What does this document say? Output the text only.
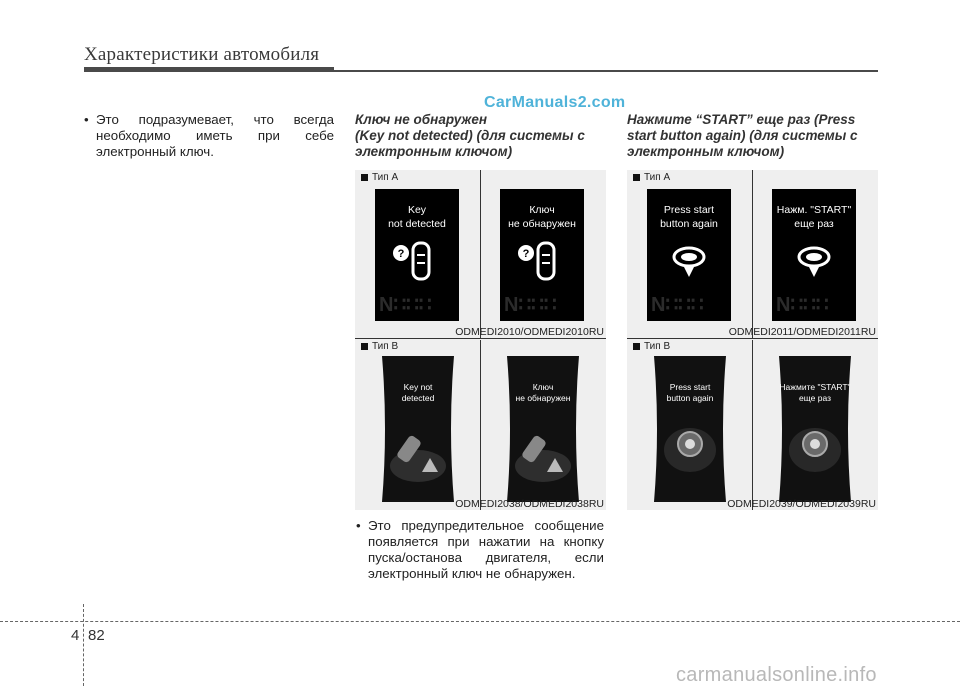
Характеристики автомобиля
CarManuals2.com
• Это подразумевает, что всегда необходимо иметь при себе электронный ключ.
Ключ не обнаружен
(Key not detected) (для системы с электронным ключом)
Тип A
Key
not detected
?
N∷∷∷
Ключ
не обнаружен
?
N∷∷∷
ODMEDI2010/ODMEDI2010RU
Тип B
Key not
detected
Ключ
не обнаружен
ODMEDI2038/ODMEDI2038RU
• Это предупредительное сообщение появляется при нажатии на кнопку пуска/останова двигателя, если электронный ключ не обнаружен.
Нажмите “START” еще раз (Press start button again) (для системы с электронным ключом)
Тип A
Press start
button again
N∷∷∷
Нажм. "START"
еще раз
N∷∷∷
ODMEDI2011/ODMEDI2011RU
Тип B
Press start
button again
Нажмите "START"
еще раз
ODMEDI2039/ODMEDI2039RU
4 82
carmanualsonline.info
